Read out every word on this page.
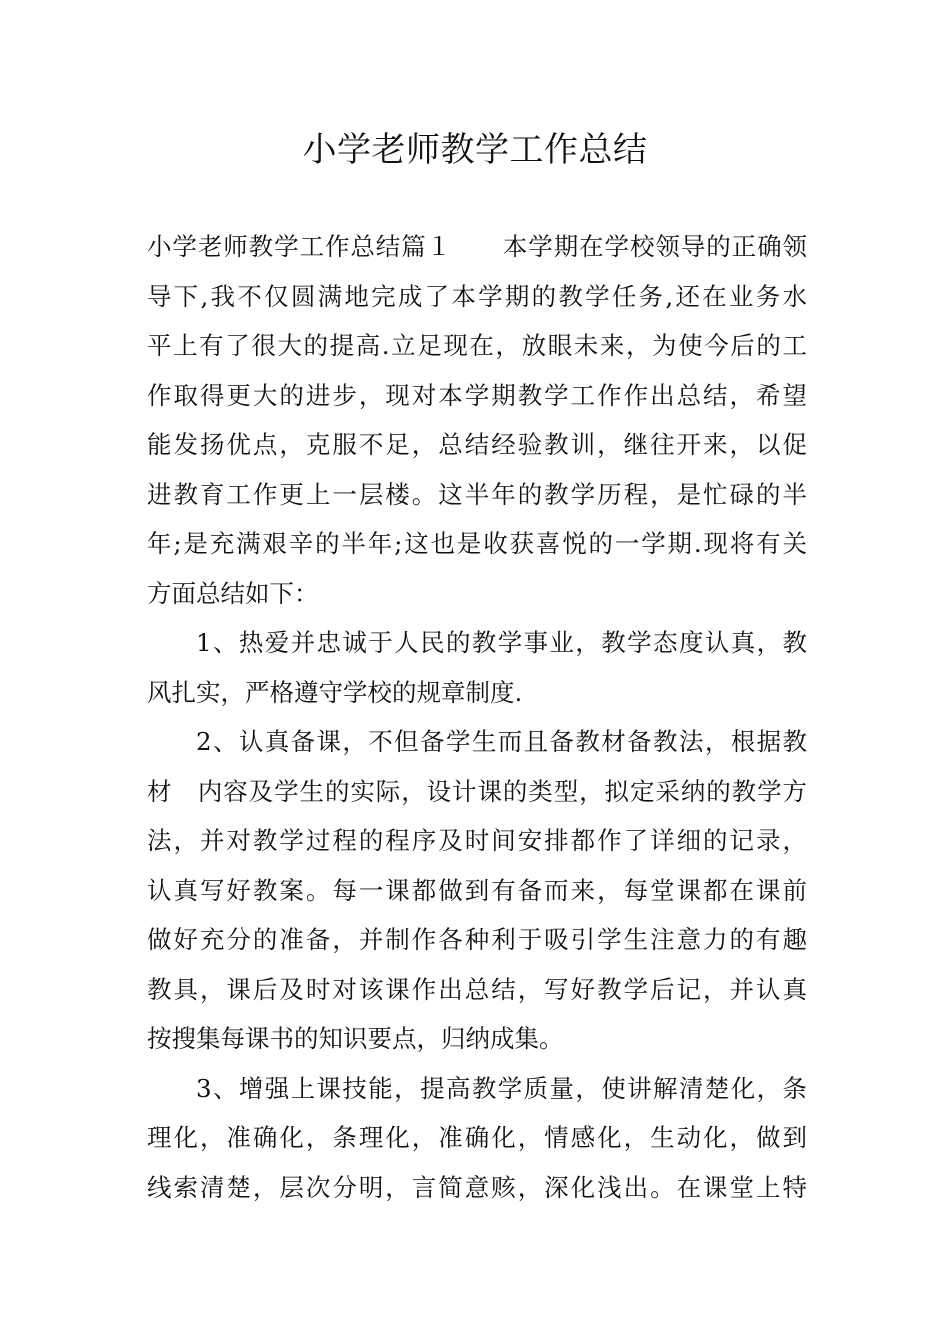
小学老师教学工作总结
小学老师教学工作总结篇１　　本学期在学校领导的正确领
导下,我不仅圆满地完成了本学期的教学任务,还在业务水
平上有了很大的提高.立足现在，放眼未来，为使今后的工
作取得更大的进步，现对本学期教学工作作出总结，希望
能发扬优点，克服不足，总结经验教训，继往开来，以促
进教育工作更上一层楼。这半年的教学历程，是忙碌的半
年;是充满艰辛的半年;这也是收获喜悦的一学期.现将有关
方面总结如下：
1、热爱并忠诚于人民的教学事业，教学态度认真，教
风扎实，严格遵守学校的规章制度.
2、认真备课，不但备学生而且备教材备教法，根据教
材　内容及学生的实际，设计课的类型，拟定采纳的教学方
法，并对教学过程的程序及时间安排都作了详细的记录，
认真写好教案。每一课都做到有备而来，每堂课都在课前
做好充分的准备，并制作各种利于吸引学生注意力的有趣
教具，课后及时对该课作出总结，写好教学后记，并认真
按搜集每课书的知识要点，归纳成集。
3、增强上课技能，提高教学质量，使讲解清楚化，条
理化，准确化，条理化，准确化，情感化，生动化，做到
线索清楚，层次分明，言简意赅，深化浅出。在课堂上特
